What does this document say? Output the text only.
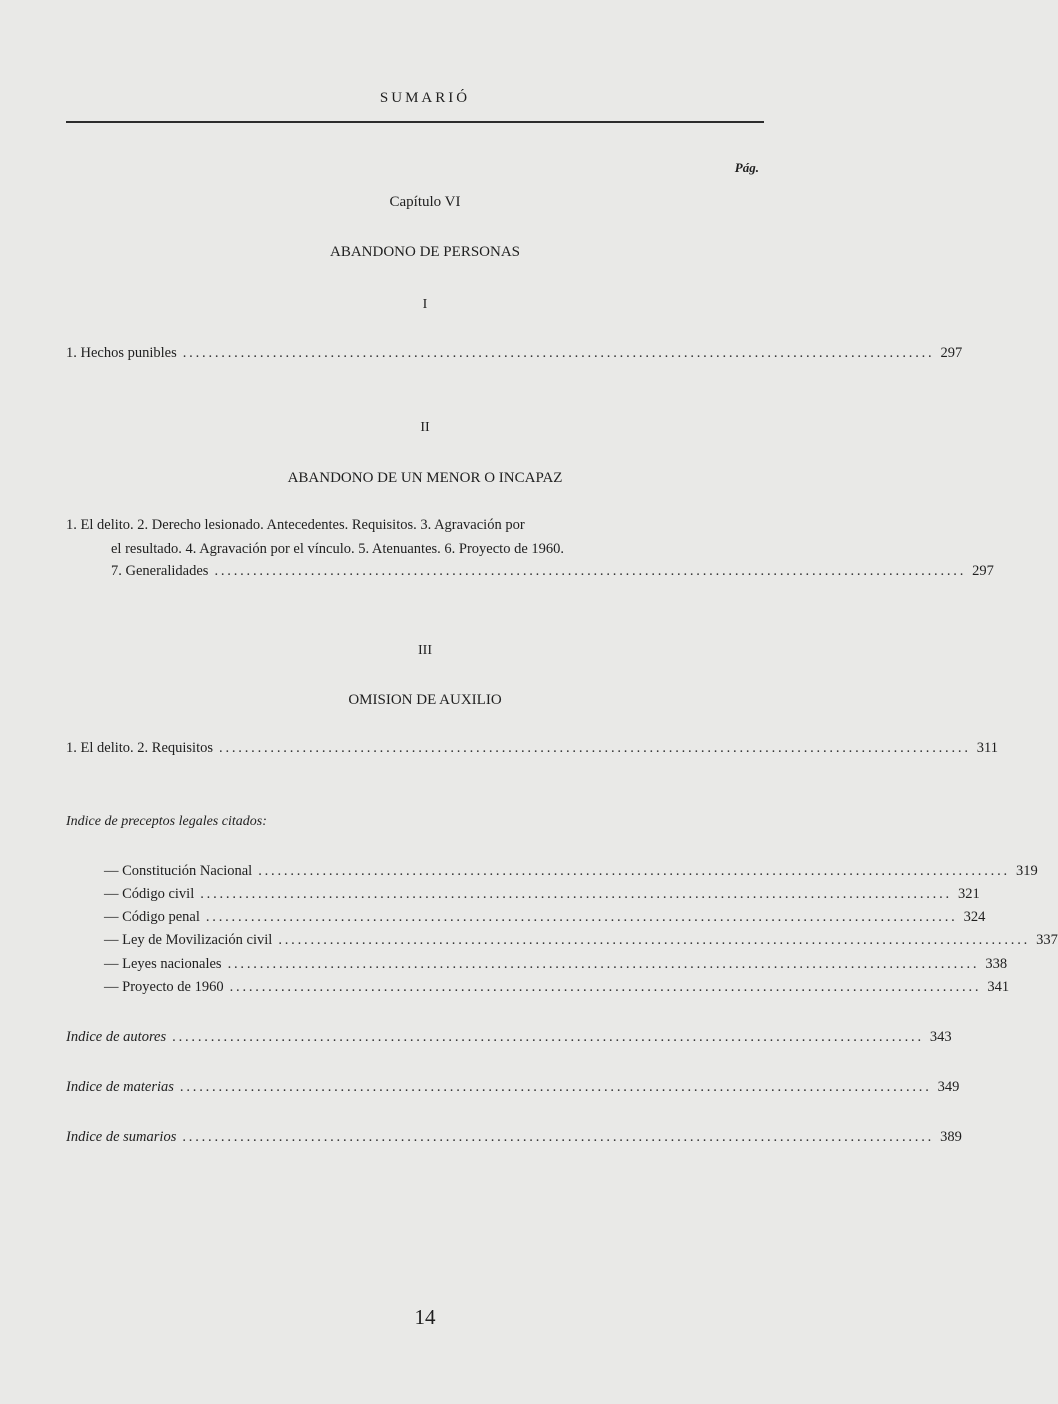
SUMARIÓ
Pág.
Capítulo VI
ABANDONO DE PERSONAS
I
1. Hechos punibles ..................................................................................................................... 297
II
ABANDONO DE UN MENOR O INCAPAZ
1. El delito. 2. Derecho lesionado. Antecedentes. Requisitos. 3. Agravación por
el resultado. 4. Agravación por el vínculo. 5. Atenuantes. 6. Proyecto de 1960.
7. Generalidades ..................................................................................................................... 297
III
OMISION DE AUXILIO
1. El delito. 2. Requisitos ..................................................................................................................... 311
Indice de preceptos legales citados:
— Constitución Nacional ..................................................................................................................... 319
— Código civil ..................................................................................................................... 321
— Código penal ..................................................................................................................... 324
— Ley de Movilización civil ..................................................................................................................... 337
— Leyes nacionales ..................................................................................................................... 338
— Proyecto de 1960 ..................................................................................................................... 341
Indice de autores ..................................................................................................................... 343
Indice de materias ..................................................................................................................... 349
Indice de sumarios ..................................................................................................................... 389
14
